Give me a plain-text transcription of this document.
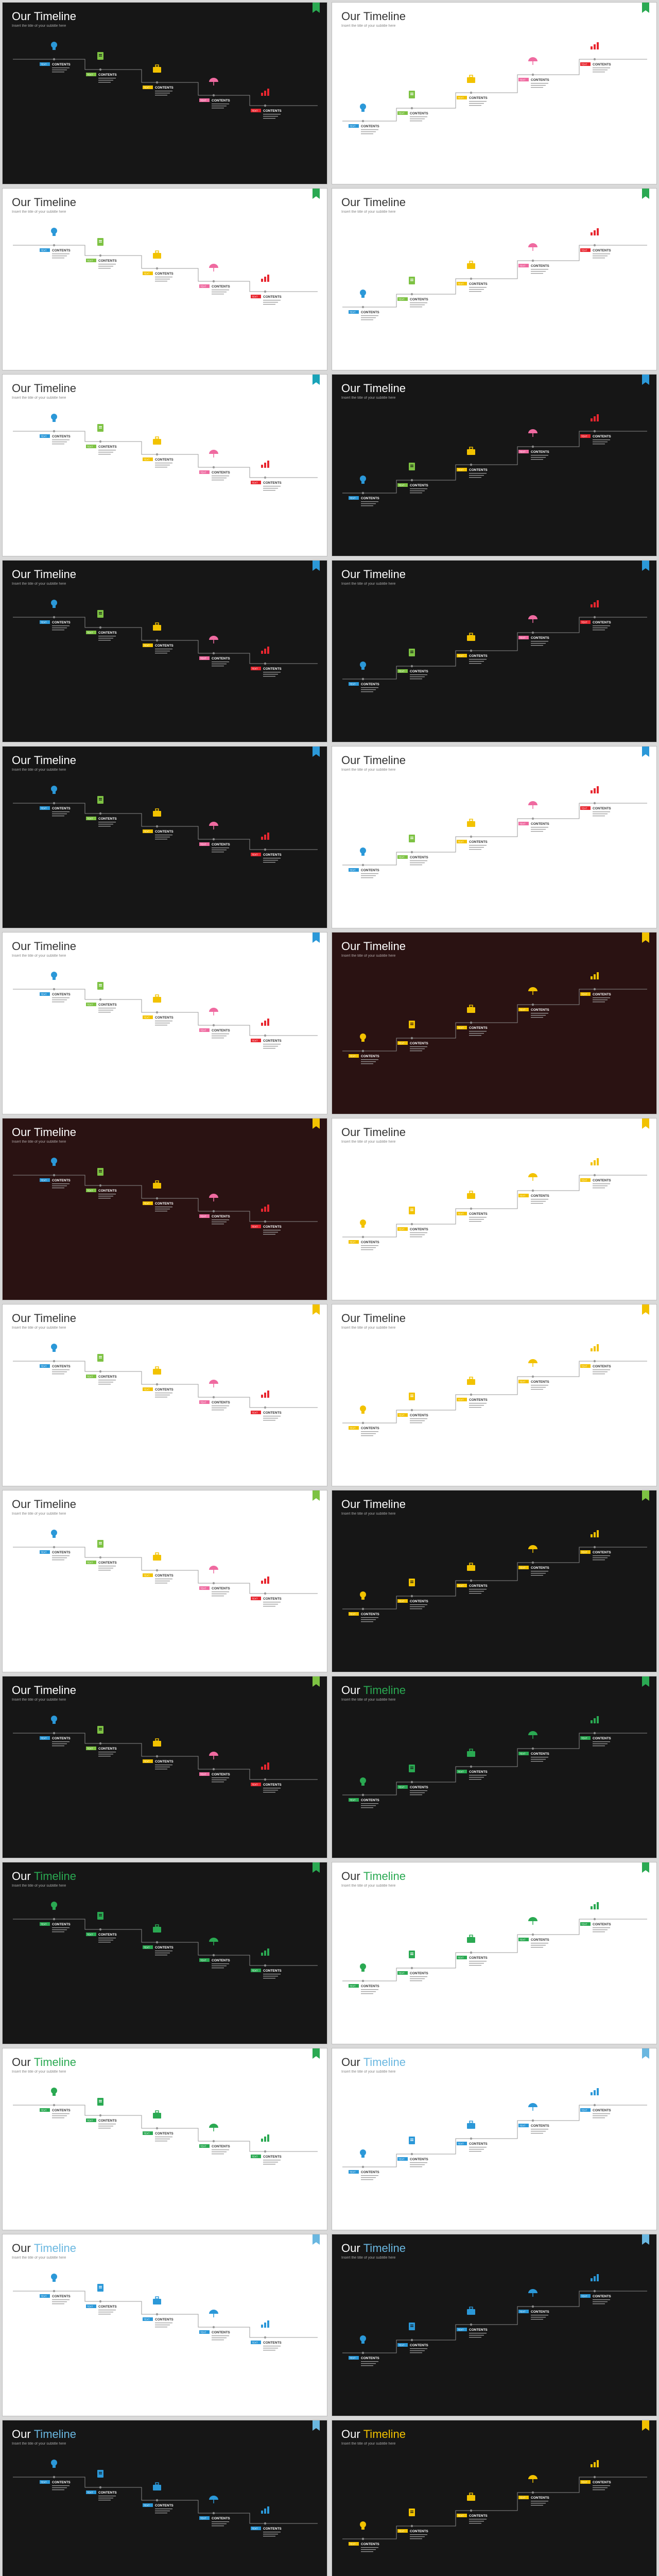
Our Timeline
Insert the title of your subtitle here
TEXT CONTENTS
TEXT CONTENTS
TEXT CONTENTS
TEXT CONTENTS
TEXT CONTENTS
Our Timeline
Insert the title of your subtitle here
TEXT CONTENTS
TEXT CONTENTS
TEXT CONTENTS
TEXT CONTENTS
TEXT CONTENTS
Our Timeline
Insert the title of your subtitle here
TEXT CONTENTS
TEXT CONTENTS
TEXT CONTENTS
TEXT CONTENTS
TEXT CONTENTS
Our Timeline
Insert the title of your subtitle here
TEXT CONTENTS
TEXT CONTENTS
TEXT CONTENTS
TEXT CONTENTS
TEXT CONTENTS
Our Timeline
Insert the title of your subtitle here
TEXT CONTENTS
TEXT CONTENTS
TEXT CONTENTS
TEXT CONTENTS
TEXT CONTENTS
Our Timeline
Insert the title of your subtitle here
TEXT CONTENTS
TEXT CONTENTS
TEXT CONTENTS
TEXT CONTENTS
TEXT CONTENTS
Our Timeline
Insert the title of your subtitle here
TEXT CONTENTS
TEXT CONTENTS
TEXT CONTENTS
TEXT CONTENTS
TEXT CONTENTS
Our Timeline
Insert the title of your subtitle here
TEXT CONTENTS
TEXT CONTENTS
TEXT CONTENTS
TEXT CONTENTS
TEXT CONTENTS
Our Timeline
Insert the title of your subtitle here
TEXT CONTENTS
TEXT CONTENTS
TEXT CONTENTS
TEXT CONTENTS
TEXT CONTENTS
Our Timeline
Insert the title of your subtitle here
TEXT CONTENTS
TEXT CONTENTS
TEXT CONTENTS
TEXT CONTENTS
TEXT CONTENTS
Our Timeline
Insert the title of your subtitle here
TEXT CONTENTS
TEXT CONTENTS
TEXT CONTENTS
TEXT CONTENTS
TEXT CONTENTS
Our Timeline
Insert the title of your subtitle here
TEXT CONTENTS
TEXT CONTENTS
TEXT CONTENTS
TEXT CONTENTS
TEXT CONTENTS
Our Timeline
Insert the title of your subtitle here
TEXT CONTENTS
TEXT CONTENTS
TEXT CONTENTS
TEXT CONTENTS
TEXT CONTENTS
Our Timeline
Insert the title of your subtitle here
TEXT CONTENTS
TEXT CONTENTS
TEXT CONTENTS
TEXT CONTENTS
TEXT CONTENTS
Our Timeline
Insert the title of your subtitle here
TEXT CONTENTS
TEXT CONTENTS
TEXT CONTENTS
TEXT CONTENTS
TEXT CONTENTS
Our Timeline
Insert the title of your subtitle here
TEXT CONTENTS
TEXT CONTENTS
TEXT CONTENTS
TEXT CONTENTS
TEXT CONTENTS
Our Timeline
Insert the title of your subtitle here
TEXT CONTENTS
TEXT CONTENTS
TEXT CONTENTS
TEXT CONTENTS
TEXT CONTENTS
Our Timeline
Insert the title of your subtitle here
TEXT CONTENTS
TEXT CONTENTS
TEXT CONTENTS
TEXT CONTENTS
TEXT CONTENTS
Our Timeline
Insert the title of your subtitle here
TEXT CONTENTS
TEXT CONTENTS
TEXT CONTENTS
TEXT CONTENTS
TEXT CONTENTS
Our Timeline
Insert the title of your subtitle here
TEXT CONTENTS
TEXT CONTENTS
TEXT CONTENTS
TEXT CONTENTS
TEXT CONTENTS
Our Timeline
Insert the title of your subtitle here
TEXT CONTENTS
TEXT CONTENTS
TEXT CONTENTS
TEXT CONTENTS
TEXT CONTENTS
Our Timeline
Insert the title of your subtitle here
TEXT CONTENTS
TEXT CONTENTS
TEXT CONTENTS
TEXT CONTENTS
TEXT CONTENTS
Our Timeline
Insert the title of your subtitle here
TEXT CONTENTS
TEXT CONTENTS
TEXT CONTENTS
TEXT CONTENTS
TEXT CONTENTS
Our Timeline
Insert the title of your subtitle here
TEXT CONTENTS
TEXT CONTENTS
TEXT CONTENTS
TEXT CONTENTS
TEXT CONTENTS
Our Timeline
Insert the title of your subtitle here
TEXT CONTENTS
TEXT CONTENTS
TEXT CONTENTS
TEXT CONTENTS
TEXT CONTENTS
Our Timeline
Insert the title of your subtitle here
TEXT CONTENTS
TEXT CONTENTS
TEXT CONTENTS
TEXT CONTENTS
TEXT CONTENTS
Our Timeline
Insert the title of your subtitle here
TEXT CONTENTS
TEXT CONTENTS
TEXT CONTENTS
TEXT CONTENTS
TEXT CONTENTS
Our Timeline
Insert the title of your subtitle here
TEXT CONTENTS
TEXT CONTENTS
TEXT CONTENTS
TEXT CONTENTS
TEXT CONTENTS
